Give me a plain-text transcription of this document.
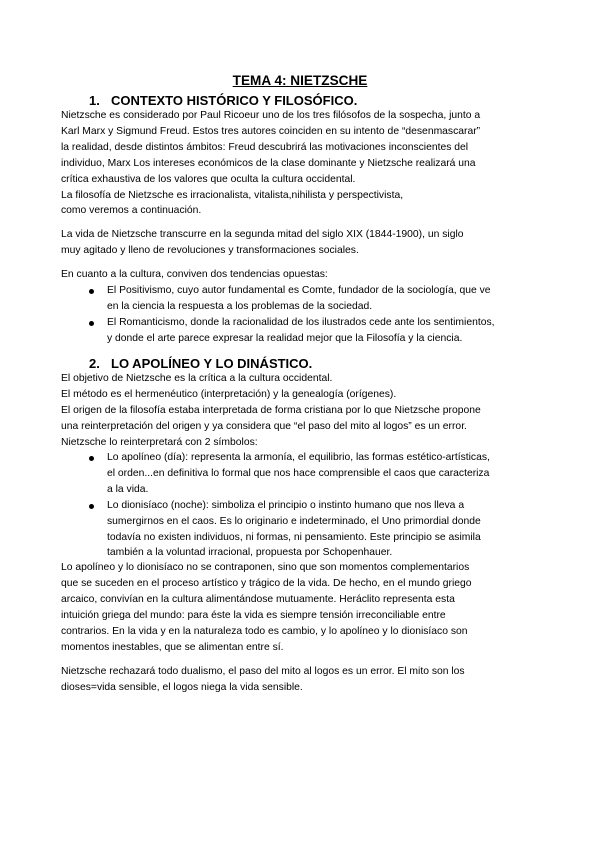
TEMA 4: NIETZSCHE
1. CONTEXTO HISTÓRICO Y FILOSÓFICO.

Nietzsche es considerado por Paul Ricoeur uno de los tres filósofos de la sospecha, junto a
Karl Marx y Sigmund Freud. Estos tres autores coinciden en su intento de “desenmascarar”
la realidad, desde distintos ámbitos: Freud descubrirá las motivaciones inconscientes del
individuo, Marx Los intereses económicos de la clase dominante y Nietzsche realizará una
crítica exhaustiva de los valores que oculta la cultura occidental.
La filosofía de Nietzsche es irracionalista, vitalista,nihilista y perspectivista,
como veremos a continuación.

La vida de Nietzsche transcurre en la segunda mitad del siglo XIX (1844-1900), un siglo
muy agitado y lleno de revoluciones y transformaciones sociales.

En cuanto a la cultura, conviven dos tendencias opuestas:

El Positivismo, cuyo autor fundamental es Comte, fundador de la sociología, que ve
en la ciencia la respuesta a los problemas de la sociedad.
El Romanticismo, donde la racionalidad de los ilustrados cede ante los sentimientos,
y donde el arte parece expresar la realidad mejor que la Filosofía y la ciencia.
2. LO APOLÍNEO Y LO DINÁSTICO.

El objetivo de Nietzsche es la crítica a la cultura occidental.
El método es el hermenéutico (interpretación) y la genealogía (orígenes).
El origen de la filosofía estaba interpretada de forma cristiana por lo que Nietzsche propone
una reinterpretación del origen y ya considera que “el paso del mito al logos” es un error.
Nietzsche lo reinterpretará con 2 símbolos:

Lo apolíneo (día): representa la armonía, el equilibrio, las formas estético-artísticas,
el orden...en definitiva lo formal que nos hace comprensible el caos que caracteriza
a la vida.
Lo dionisíaco (noche): simboliza el principio o instinto humano que nos lleva a
sumergirnos en el caos. Es lo originario e indeterminado, el Uno primordial donde
todavía no existen individuos, ni formas, ni pensamiento. Este principio se asimila
también a la voluntad irracional, propuesta por Schopenhauer.

Lo apolíneo y lo dionisíaco no se contraponen, sino que son momentos complementarios
que se suceden en el proceso artístico y trágico de la vida. De hecho, en el mundo griego
arcaico, convivían en la cultura alimentándose mutuamente. Heráclito representa esta
intuición griega del mundo: para éste la vida es siempre tensión irreconciliable entre
contrarios. En la vida y en la naturaleza todo es cambio, y lo apolíneo y lo dionisíaco son
momentos inestables, que se alimentan entre sí.

Nietzsche rechazará todo dualismo, el paso del mito al logos es un error. El mito son los
dioses=vida sensible, el logos niega la vida sensible.
